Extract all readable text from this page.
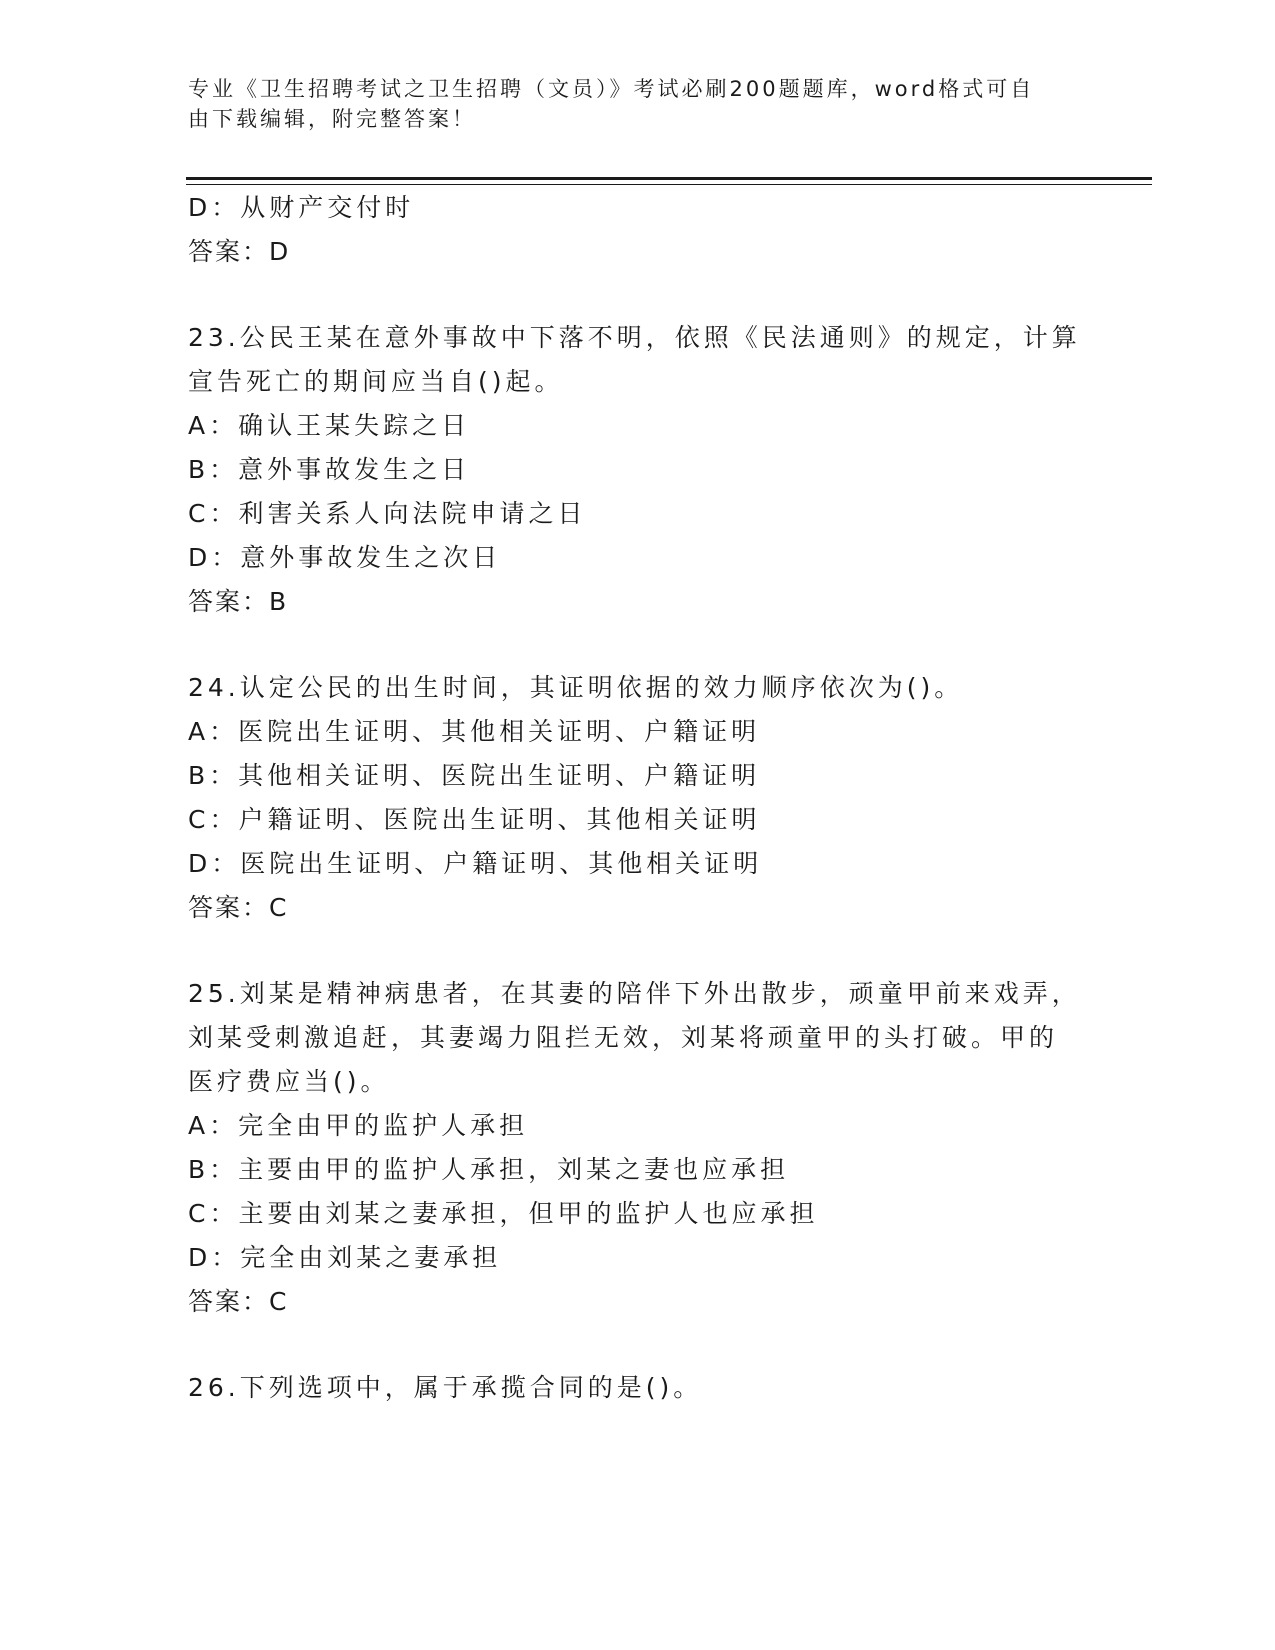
专业《卫生招聘考试之卫生招聘（文员）》考试必刷200题题库，word格式可自
由下载编辑，附完整答案！
D：从财产交付时
答案：D
23.公民王某在意外事故中下落不明，依照《民法通则》的规定，计算
宣告死亡的期间应当自()起。
A：确认王某失踪之日
B：意外事故发生之日
C：利害关系人向法院申请之日
D：意外事故发生之次日
答案：B
24.认定公民的出生时间，其证明依据的效力顺序依次为()。
A：医院出生证明、其他相关证明、户籍证明
B：其他相关证明、医院出生证明、户籍证明
C：户籍证明、医院出生证明、其他相关证明
D：医院出生证明、户籍证明、其他相关证明
答案：C
25.刘某是精神病患者，在其妻的陪伴下外出散步，顽童甲前来戏弄，
刘某受刺激追赶，其妻竭力阻拦无效，刘某将顽童甲的头打破。甲的
医疗费应当()。
A：完全由甲的监护人承担
B：主要由甲的监护人承担，刘某之妻也应承担
C：主要由刘某之妻承担，但甲的监护人也应承担
D：完全由刘某之妻承担
答案：C
26.下列选项中，属于承揽合同的是()。
